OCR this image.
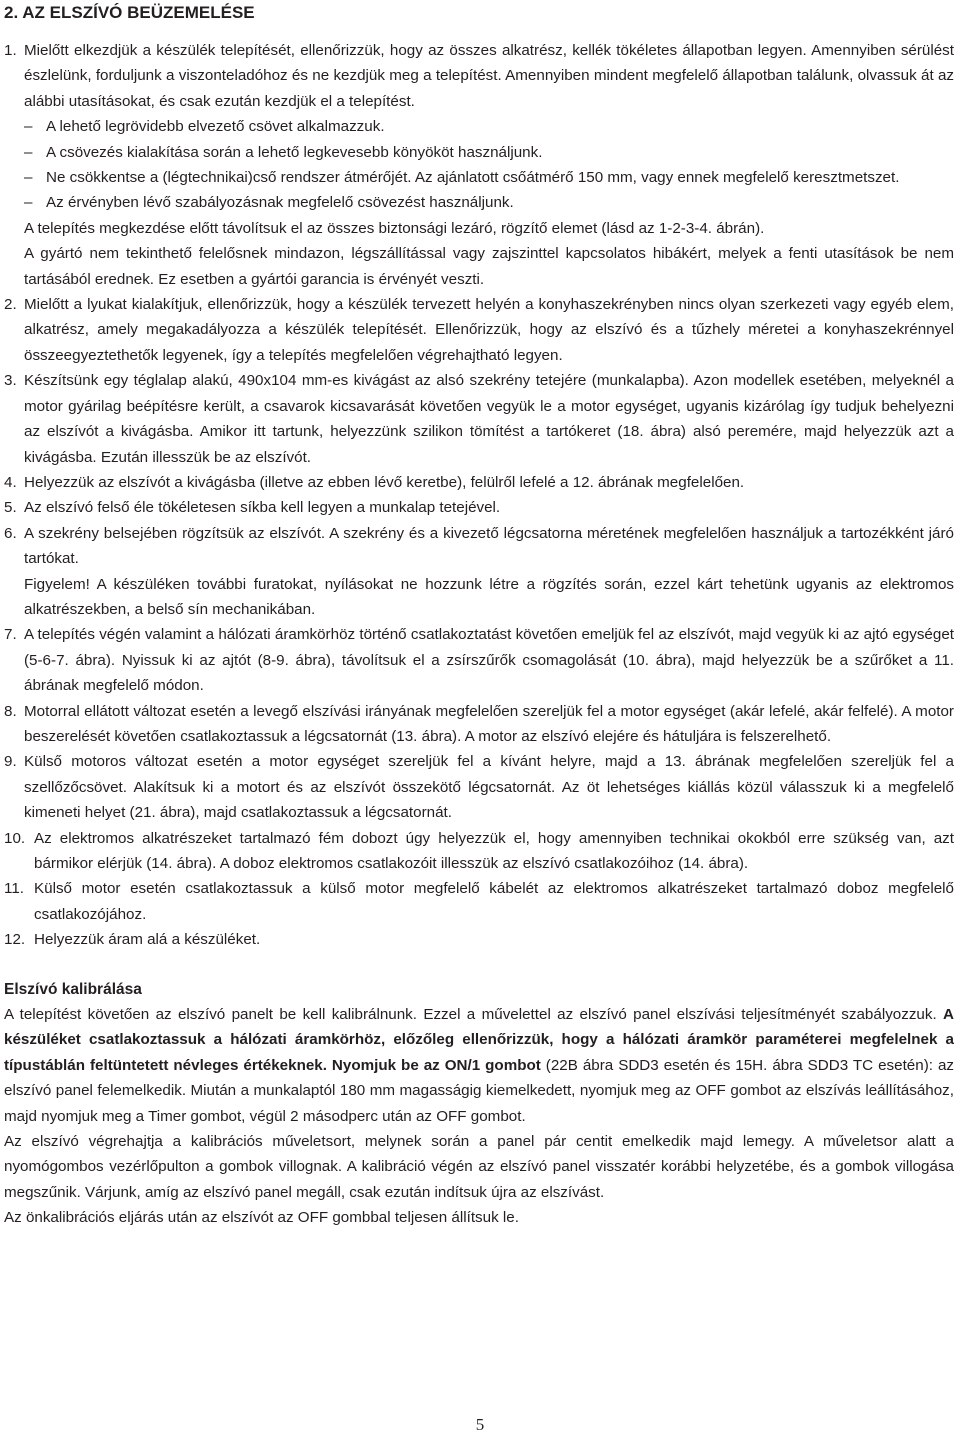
2. AZ ELSZÍVÓ BEÜZEMELÉSE
1. Mielőtt elkezdjük a készülék telepítését, ellenőrizzük, hogy az összes alkatrész, kellék tökéletes állapotban legyen. Amennyiben sérülést észlelünk, forduljunk a viszonteladóhoz és ne kezdjük meg a telepítést. Amennyiben mindent megfelelő állapotban találunk, olvassuk át az alábbi utasításokat, és csak ezután kezdjük el a telepítést.
– A lehető legrövidebb elvezető csövet alkalmazzuk.
– A csövezés kialakítása során a lehető legkevesebb könyököt használjunk.
– Ne csökkentse a (légtechnikai)cső rendszer átmérőjét. Az ajánlatott csőátmérő 150 mm, vagy ennek megfelelő keresztmetszet.
– Az érvényben lévő szabályozásnak megfelelő csövezést használjunk.
A telepítés megkezdése előtt távolítsuk el az összes biztonsági lezáró, rögzítő elemet (lásd az 1-2-3-4. ábrán).
A gyártó nem tekinthető felelősnek mindazon, légszállítással vagy zajszinttel kapcsolatos hibákért, melyek a fenti utasítások be nem tartásából erednek. Ez esetben a gyártói garancia is érvényét veszti.
2. Mielőtt a lyukat kialakítjuk, ellenőrizzük, hogy a készülék tervezett helyén a konyhaszekrényben nincs olyan szerkezeti vagy egyéb elem, alkatrész, amely megakadályozza a készülék telepítését. Ellenőrizzük, hogy az elszívó és a tűzhely méretei a konyhaszekrénnyel összeegyeztethetők legyenek, így a telepítés megfelelően végrehajtható legyen.
3. Készítsünk egy téglalap alakú, 490x104 mm-es kivágást az alsó szekrény tetejére (munkalapba). Azon modellek esetében, melyeknél a motor gyárilag beépítésre került, a csavarok kicsavarását követően vegyük le a motor egységet, ugyanis kizárólag így tudjuk behelyezni az elszívót a kivágásba. Amikor itt tartunk, helyezzünk szilikon tömítést a tartókeret (18. ábra) alsó peremére, majd helyezzük azt a kivágásba. Ezután illesszük be az elszívót.
4. Helyezzük az elszívót a kivágásba (illetve az ebben lévő keretbe), felülről lefelé a 12. ábrának megfelelően.
5. Az elszívó felső éle tökéletesen síkba kell legyen a munkalap tetejével.
6. A szekrény belsejében rögzítsük az elszívót. A szekrény és a kivezető légcsatorna méretének megfelelően használjuk a tartozékként járó tartókat.
Figyelem! A készüléken további furatokat, nyílásokat ne hozzunk létre a rögzítés során, ezzel kárt tehetünk ugyanis az elektromos alkatrészekben, a belső sín mechanikában.
7. A telepítés végén valamint a hálózati áramkörhöz történő csatlakoztatást követően emeljük fel az elszívót, majd vegyük ki az ajtó egységet (5-6-7. ábra). Nyissuk ki az ajtót (8-9. ábra), távolítsuk el a zsírszűrők csomagolását (10. ábra), majd helyezzük be a szűrőket a 11. ábrának megfelelő módon.
8. Motorral ellátott változat esetén a levegő elszívási irányának megfelelően szereljük fel a motor egységet (akár lefelé, akár felfelé). A motor beszerelését követően csatlakoztassuk a légcsatornát (13. ábra). A motor az elszívó elejére és hátuljára is felszerelhető.
9. Külső motoros változat esetén a motor egységet szereljük fel a kívánt helyre, majd a 13. ábrának megfelelően szereljük fel a szellőzőcsövet. Alakítsuk ki a motort és az elszívót összekötő légcsatornát. Az öt lehetséges kiállás közül válasszuk ki a megfelelő kimeneti helyet (21. ábra), majd csatlakoztassuk a légcsatornát.
10. Az elektromos alkatrészeket tartalmazó fém dobozt úgy helyezzük el, hogy amennyiben technikai okokból erre szükség van, azt bármikor elérjük (14. ábra). A doboz elektromos csatlakozóit illesszük az elszívó csatlakozóihoz (14. ábra).
11. Külső motor esetén csatlakoztassuk a külső motor megfelelő kábelét az elektromos alkatrészeket tartalmazó doboz megfelelő csatlakozójához.
12. Helyezzük áram alá a készüléket.
Elszívó kalibrálása
A telepítést követően az elszívó panelt be kell kalibrálnunk. Ezzel a művelettel az elszívó panel elszívási teljesítményét szabályozzuk. A készüléket csatlakoztassuk a hálózati áramkörhöz, előzőleg ellenőrizzük, hogy a hálózati áramkör paraméterei megfelelnek a típustáblán feltüntetett névleges értékeknek. Nyomjuk be az ON/1 gombot (22B ábra SDD3 esetén és 15H. ábra SDD3 TC esetén): az elszívó panel felemelkedik. Miután a munkalaptól 180 mm magasságig kiemelkedett, nyomjuk meg az OFF gombot az elszívás leállításához, majd nyomjuk meg a Timer gombot, végül 2 másodperc után az OFF gombot.
Az elszívó végrehajtja a kalibrációs műveletsort, melynek során a panel pár centit emelkedik majd lemegy. A műveletsor alatt a nyomógombos vezérlőpulton a gombok villognak. A kalibráció végén az elszívó panel visszatér korábbi helyzetébe, és a gombok villogása megszűnik. Várjunk, amíg az elszívó panel megáll, csak ezután indítsuk újra az elszívást.
Az önkalibrációs eljárás után az elszívót az OFF gombbal teljesen állítsuk le.
5
